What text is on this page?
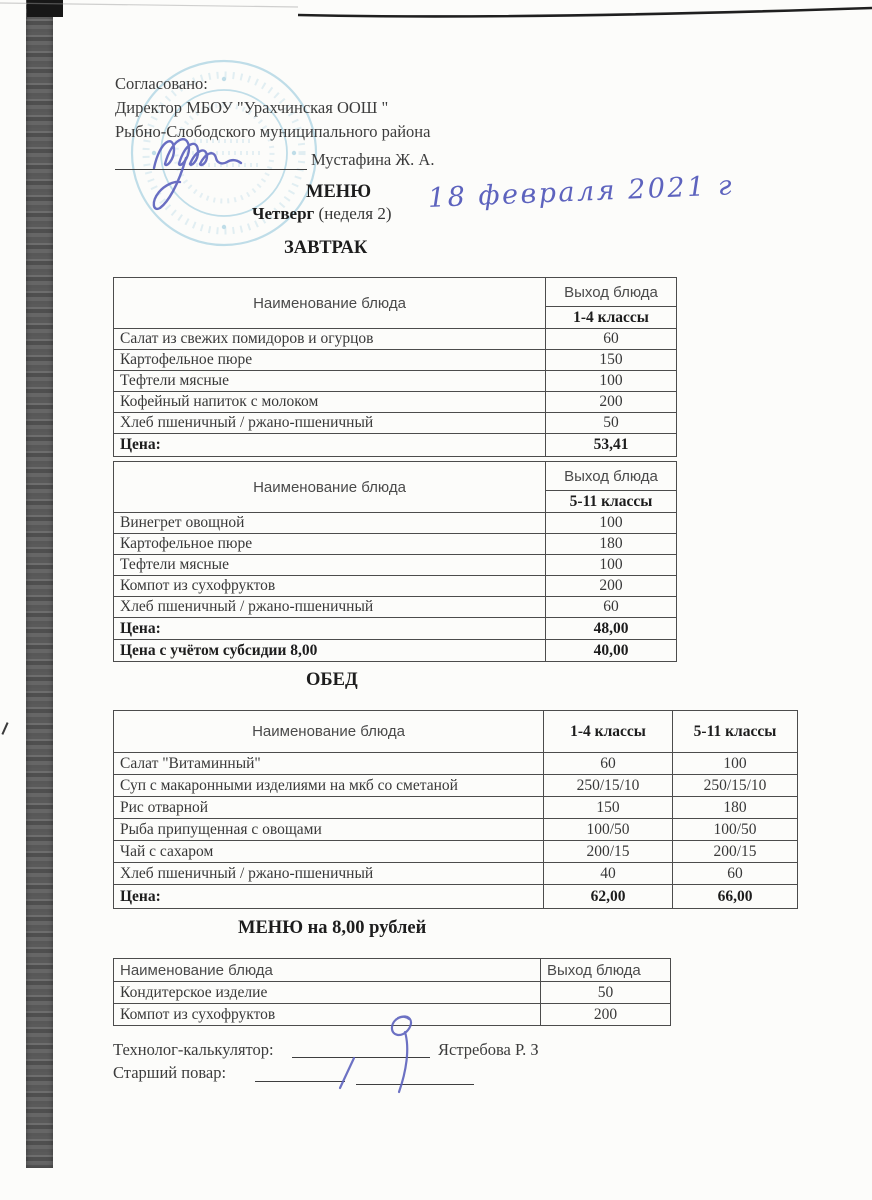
Согласовано:
Директор МБОУ "Урахчинская ООШ "
Рыбно-Слободского муниципального района
Мустафина Ж. А.
МЕНЮ
Четверг (неделя 2) 18 февраля 2021 г
ЗАВТРАК
Наименование блюда	Выход блюда
	1-4 классы
Салат из свежих помидоров и огурцов	60
Картофельное пюре	150
Тефтели мясные	100
Кофейный напиток с молоком	200
Хлеб пшеничный / ржано-пшеничный	50
Цена:	53,41
Наименование блюда	Выход блюда
	5-11 классы
Винегрет овощной	100
Картофельное пюре	180
Тефтели мясные	100
Компот из сухофруктов	200
Хлеб пшеничный / ржано-пшеничный	60
Цена:	48,00
Цена с учётом субсидии 8,00	40,00
ОБЕД
Наименование блюда	1-4 классы	5-11 классы
Салат "Витаминный"	60	100
Суп с макаронными изделиями на мкб со сметаной	250/15/10	250/15/10
Рис отварной	150	180
Рыба припущенная с овощами	100/50	100/50
Чай с сахаром	200/15	200/15
Хлеб пшеничный / ржано-пшеничный	40	60
Цена:	62,00	66,00
МЕНЮ на 8,00 рублей
Наименование блюда	Выход блюда
Кондитерское изделие	50
Компот из сухофруктов	200
Технолог-калькулятор:	Ястребова Р. З
Старший повар:
